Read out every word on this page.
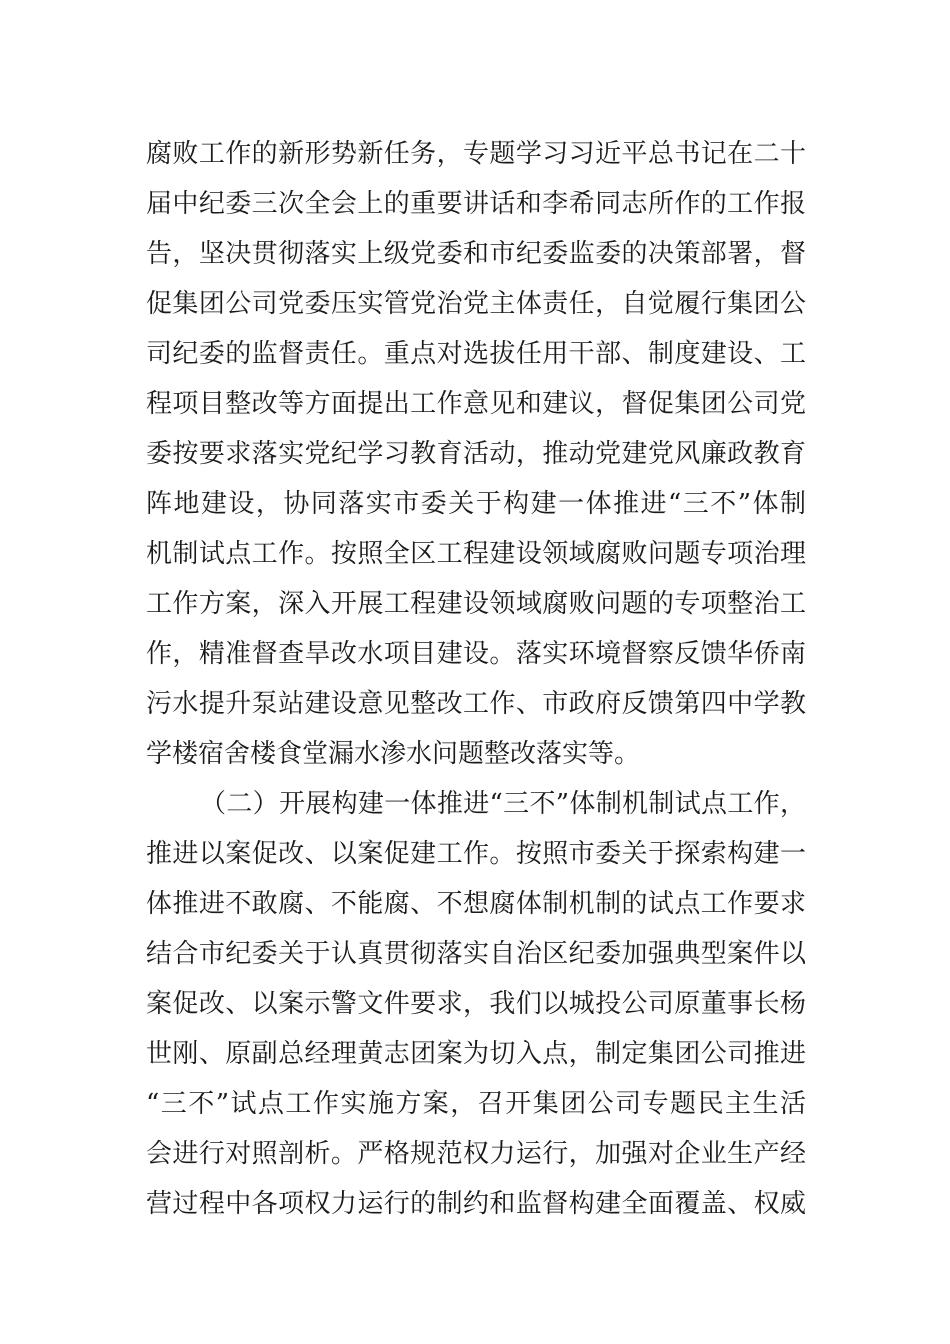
腐败工作的新形势新任务，专题学习习近平总书记在二十
届中纪委三次全会上的重要讲话和李希同志所作的工作报
告，坚决贯彻落实上级党委和市纪委监委的决策部署，督
促集团公司党委压实管党治党主体责任，自觉履行集团公
司纪委的监督责任。重点对选拔任用干部、制度建设、工
程项目整改等方面提出工作意见和建议，督促集团公司党
委按要求落实党纪学习教育活动，推动党建党风廉政教育
阵地建设，协同落实市委关于构建一体推进“三不”体制
机制试点工作。按照全区工程建设领域腐败问题专项治理
工作方案，深入开展工程建设领域腐败问题的专项整治工
作，精准督查旱改水项目建设。落实环境督察反馈华侨南
污水提升泵站建设意见整改工作、市政府反馈第四中学教
学楼宿舍楼食堂漏水渗水问题整改落实等。
（二）开展构建一体推进“三不”体制机制试点工作，
推进以案促改、以案促建工作。按照市委关于探索构建一
体推进不敢腐、不能腐、不想腐体制机制的试点工作要求
结合市纪委关于认真贯彻落实自治区纪委加强典型案件以
案促改、以案示警文件要求，我们以城投公司原董事长杨
世刚、原副总经理黄志团案为切入点，制定集团公司推进
“三不”试点工作实施方案，召开集团公司专题民主生活
会进行对照剖析。严格规范权力运行，加强对企业生产经
营过程中各项权力运行的制约和监督构建全面覆盖、权威
